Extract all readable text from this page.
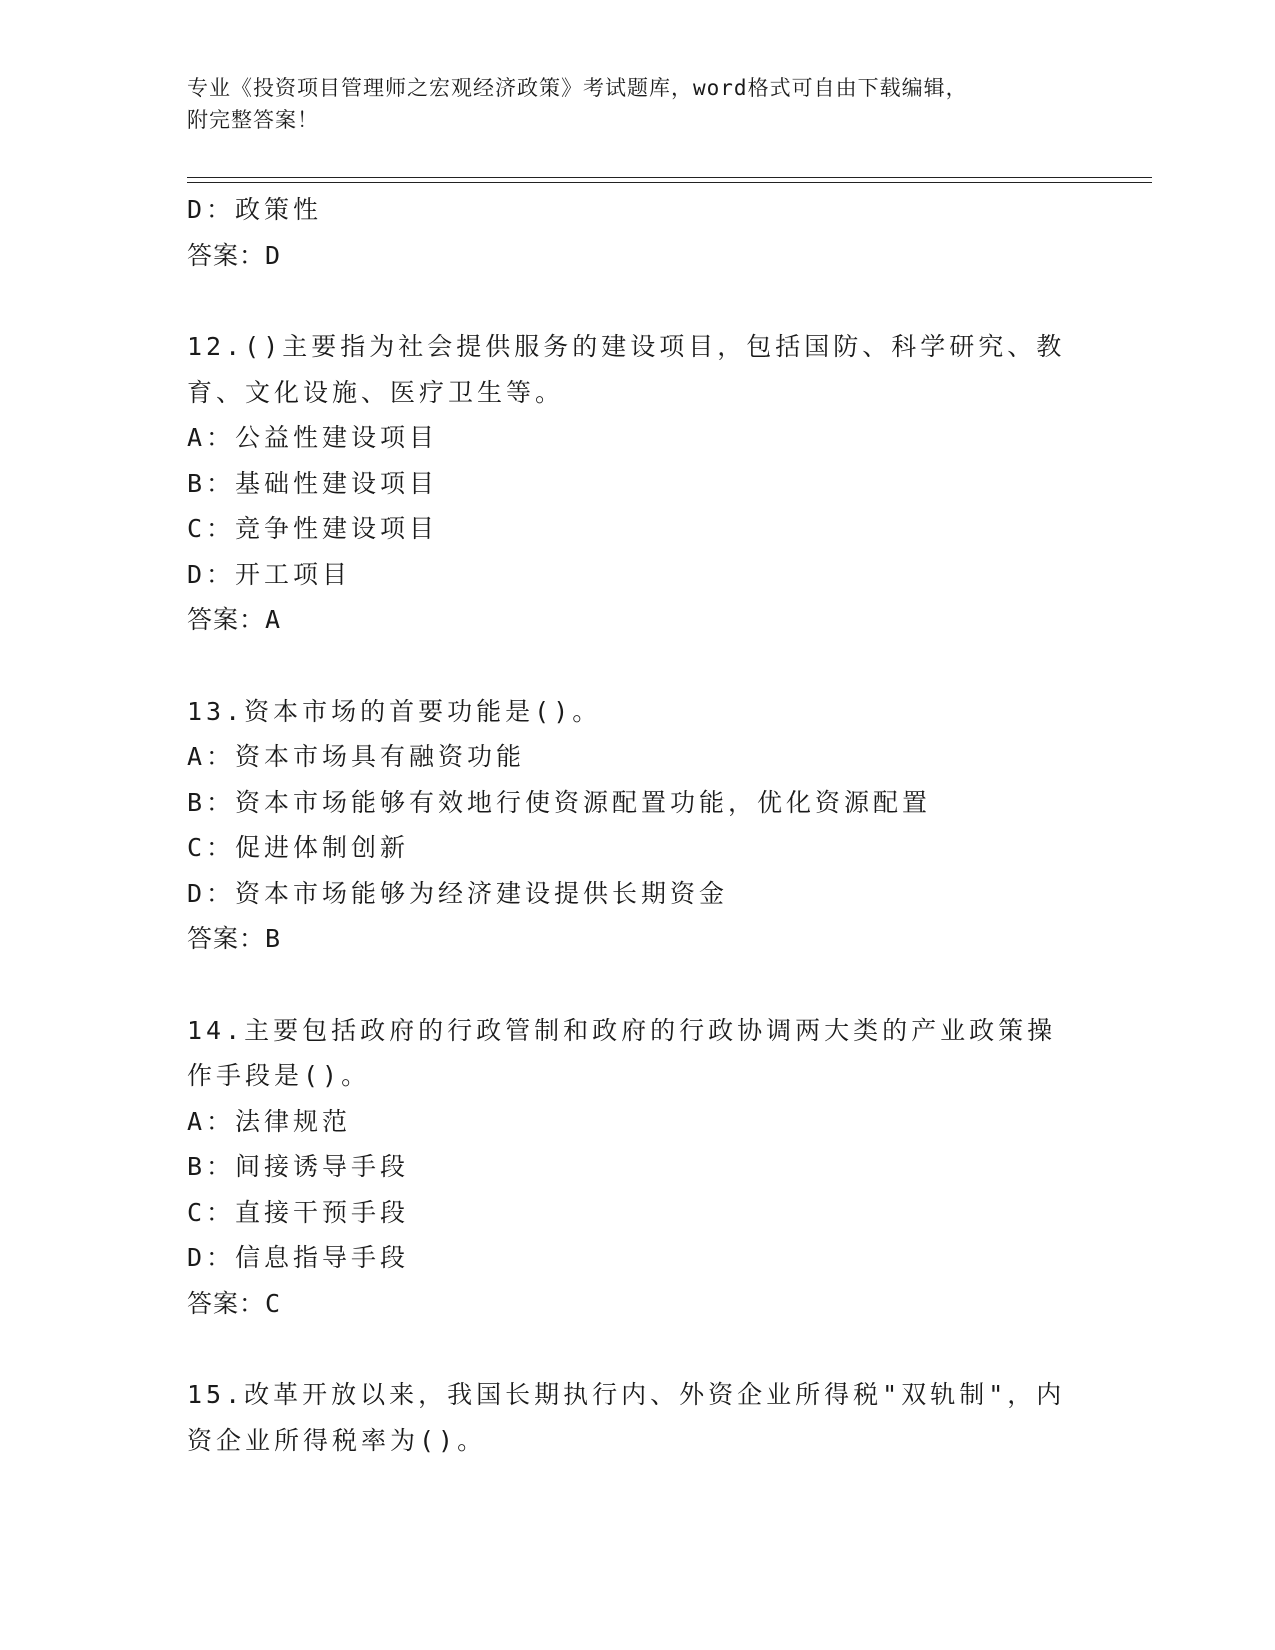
专业《投资项目管理师之宏观经济政策》考试题库，word格式可自由下载编辑，
附完整答案！
D：政策性
答案：D
12.()主要指为社会提供服务的建设项目，包括国防、科学研究、教育、文化设施、医疗卫生等。
A：公益性建设项目
B：基础性建设项目
C：竞争性建设项目
D：开工项目
答案：A
13.资本市场的首要功能是()。
A：资本市场具有融资功能
B：资本市场能够有效地行使资源配置功能，优化资源配置
C：促进体制创新
D：资本市场能够为经济建设提供长期资金
答案：B
14.主要包括政府的行政管制和政府的行政协调两大类的产业政策操作手段是()。
A：法律规范
B：间接诱导手段
C：直接干预手段
D：信息指导手段
答案：C
15.改革开放以来，我国长期执行内、外资企业所得税"双轨制"，内资企业所得税率为()。
